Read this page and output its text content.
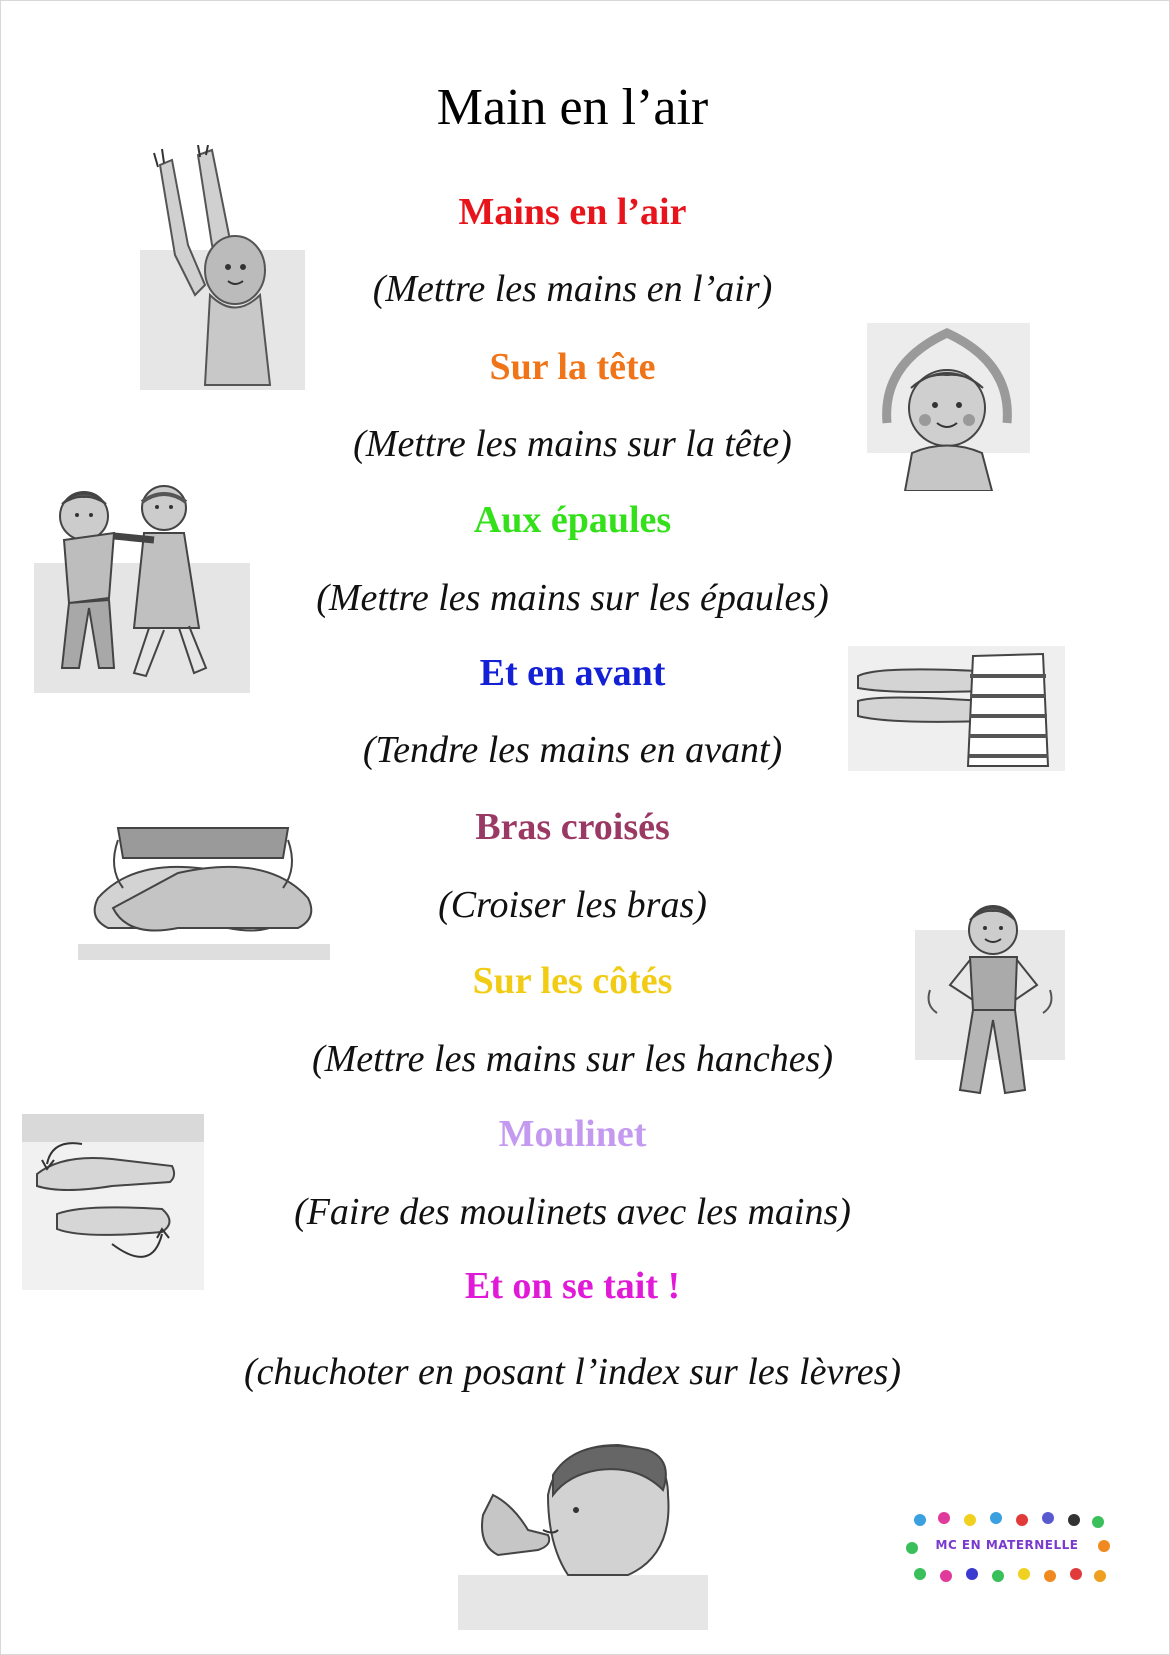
Main en l’air
Mains en l’air
(Mettre les mains en l’air)
Sur la tête
(Mettre les mains sur la tête)
Aux épaules
(Mettre les mains sur les épaules)
Et en avant
(Tendre les mains en avant)
Bras croisés
(Croiser les bras)
Sur les côtés
(Mettre les mains sur les hanches)
Moulinet
(Faire des moulinets avec les mains)
Et on se tait !
(chuchoter en posant l’index sur les lèvres)
MC EN MATERNELLE
